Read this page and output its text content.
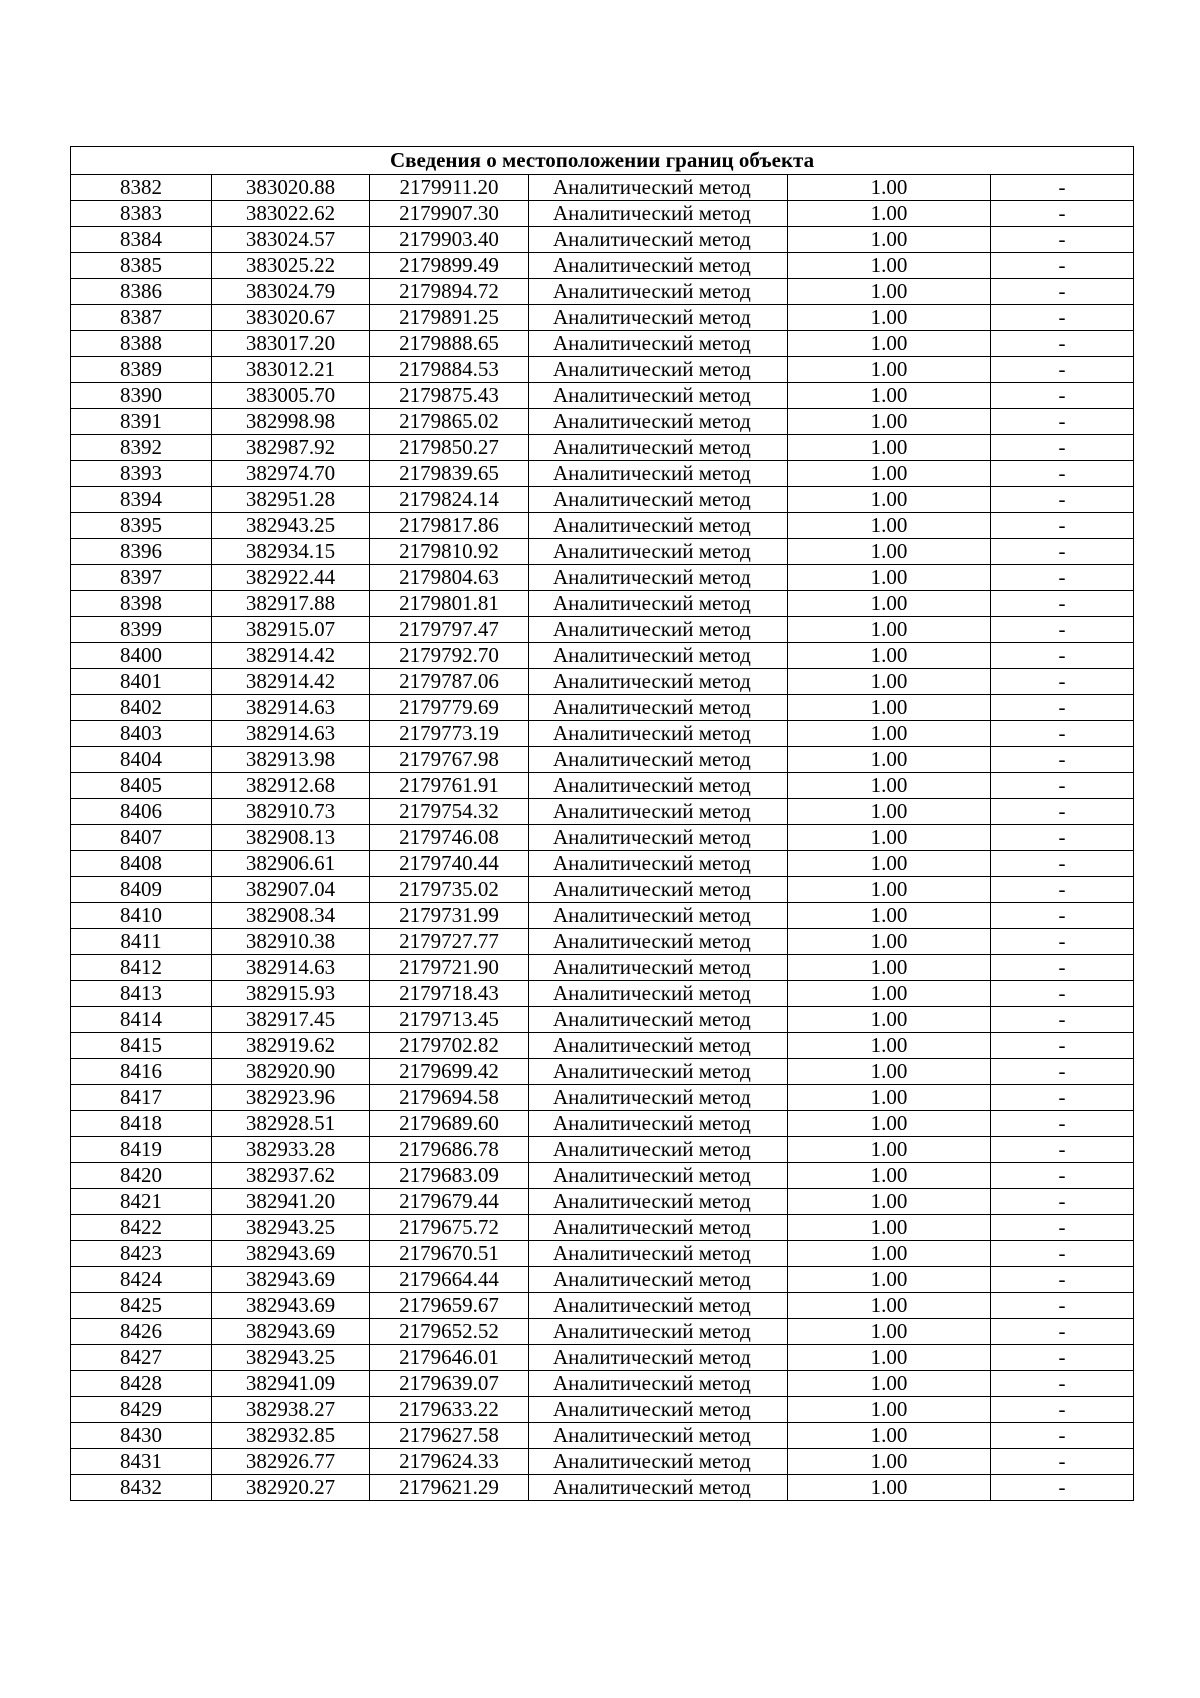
Сведения о местоположении границ объекта					
8382	383020.88	2179911.20	Аналитический метод	1.00	-
8383	383022.62	2179907.30	Аналитический метод	1.00	-
8384	383024.57	2179903.40	Аналитический метод	1.00	-
8385	383025.22	2179899.49	Аналитический метод	1.00	-
8386	383024.79	2179894.72	Аналитический метод	1.00	-
8387	383020.67	2179891.25	Аналитический метод	1.00	-
8388	383017.20	2179888.65	Аналитический метод	1.00	-
8389	383012.21	2179884.53	Аналитический метод	1.00	-
8390	383005.70	2179875.43	Аналитический метод	1.00	-
8391	382998.98	2179865.02	Аналитический метод	1.00	-
8392	382987.92	2179850.27	Аналитический метод	1.00	-
8393	382974.70	2179839.65	Аналитический метод	1.00	-
8394	382951.28	2179824.14	Аналитический метод	1.00	-
8395	382943.25	2179817.86	Аналитический метод	1.00	-
8396	382934.15	2179810.92	Аналитический метод	1.00	-
8397	382922.44	2179804.63	Аналитический метод	1.00	-
8398	382917.88	2179801.81	Аналитический метод	1.00	-
8399	382915.07	2179797.47	Аналитический метод	1.00	-
8400	382914.42	2179792.70	Аналитический метод	1.00	-
8401	382914.42	2179787.06	Аналитический метод	1.00	-
8402	382914.63	2179779.69	Аналитический метод	1.00	-
8403	382914.63	2179773.19	Аналитический метод	1.00	-
8404	382913.98	2179767.98	Аналитический метод	1.00	-
8405	382912.68	2179761.91	Аналитический метод	1.00	-
8406	382910.73	2179754.32	Аналитический метод	1.00	-
8407	382908.13	2179746.08	Аналитический метод	1.00	-
8408	382906.61	2179740.44	Аналитический метод	1.00	-
8409	382907.04	2179735.02	Аналитический метод	1.00	-
8410	382908.34	2179731.99	Аналитический метод	1.00	-
8411	382910.38	2179727.77	Аналитический метод	1.00	-
8412	382914.63	2179721.90	Аналитический метод	1.00	-
8413	382915.93	2179718.43	Аналитический метод	1.00	-
8414	382917.45	2179713.45	Аналитический метод	1.00	-
8415	382919.62	2179702.82	Аналитический метод	1.00	-
8416	382920.90	2179699.42	Аналитический метод	1.00	-
8417	382923.96	2179694.58	Аналитический метод	1.00	-
8418	382928.51	2179689.60	Аналитический метод	1.00	-
8419	382933.28	2179686.78	Аналитический метод	1.00	-
8420	382937.62	2179683.09	Аналитический метод	1.00	-
8421	382941.20	2179679.44	Аналитический метод	1.00	-
8422	382943.25	2179675.72	Аналитический метод	1.00	-
8423	382943.69	2179670.51	Аналитический метод	1.00	-
8424	382943.69	2179664.44	Аналитический метод	1.00	-
8425	382943.69	2179659.67	Аналитический метод	1.00	-
8426	382943.69	2179652.52	Аналитический метод	1.00	-
8427	382943.25	2179646.01	Аналитический метод	1.00	-
8428	382941.09	2179639.07	Аналитический метод	1.00	-
8429	382938.27	2179633.22	Аналитический метод	1.00	-
8430	382932.85	2179627.58	Аналитический метод	1.00	-
8431	382926.77	2179624.33	Аналитический метод	1.00	-
8432	382920.27	2179621.29	Аналитический метод	1.00	-
